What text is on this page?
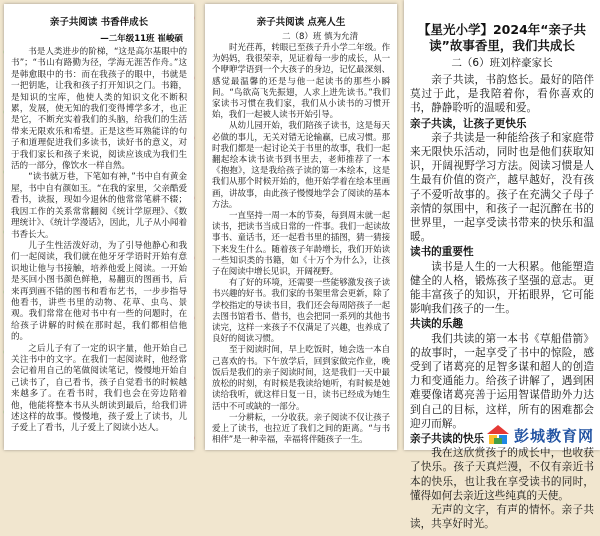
亲子共阅读 书香伴成长
—二年级11班 崔峻硕

书是人类进步的阶梯，“这是高尔基眼中的书”；“书山有路勤为径，学海无涯苦作舟。”这是韩愈眼中的书：而在我孩子的眼中，书就是一把钥匙，让我和孩子打开知识之门。书籍，是知识的宝库，他使人类的知识文化不断积累，发展，使无知的我们变得博学多才，也正是它，不断充实着我们的头脑，给我们的生活带来无限欢乐和希望。正是这些耳熟能详的句子和道理促进我们多读书，读好书的意义，对于我们家长和孩子来说，阅读应该成为我们生活的一部分，像饮水一样自然。

“读书就万巷，下笔如有神，”书中自有黄金屋，书中自有颜如玉。“在我的家里，父亲酷爱看书，读报，现如今退休的他常常笔耕不辍；我因工作的关系常常翻阅《统计学原理》、《数理统计》、《统计学漫话》，因此，儿子从小闻着书香长大。

儿子生性活泼好动，为了引导他静心和我们一起阅读，我们就在他牙牙学语时开始有意识地让他与书接触，培养他爱上阅读。一开始是买回小图书颜色鲜艳，易翻页的图画书，后来再到画不错的图书和看布艺书，一步步指导他看书，讲些书里的动物、花草、虫鸟、景观。我们常常在他对书中有一些的问题时，在给孩子讲解的时候在那时起，我们都相信他的。

之后儿子有了一定的识字量，他开始自己关注书中的文字。在我们一起阅读时，他经常会记着用自己的笔做阅读笔记，慢慢地开始自己读书了，自己看书，孩子自觉看书的时候越来越多了。在看书时，我们也会在旁边陪着他，他能将整本书从头朗读到最后，给我们讲述这样的故事。慢慢地，孩子爱上了读书，儿子爱上了看书，儿子爱上了阅读小达人。

亲子共阅读 点亮人生
二（8）班 慎为允清

时光荏苒，转眼已至孩子升小学二年级。作为妈妈，我很荣幸，见证着每一步的成长，从一个咿咿学语到一个大孩子的身边，记忆最深刻、感觉最温馨的还是与他一起读书的那些小瞬间。“鸟欲高飞先振翅，人求上进先读书。”我们家读书习惯在我们家，我们从小读书的习惯开始，我们一起被人读书开始引导。

从幼儿园开始，我们陪孩子读书，这是每天必做的事儿，无关对错无论输赢，已成习惯。那时我们都是一起讨论关于书里的故事，我们一起翻起绘本读书读书到书里去，老师推荐了一本《抱抱》，这是我给孩子读的第一本绘本，这是我们从那个时候开始的，他开始学着在绘本里画画，讲故事，由此孩子慢慢地学会了阅读的基本方法。

一直坚持一周一本的节奏，每到周末就一起读书，把读书当成日常的一件事。我们一起读故事书、童话书，还一起看书里的插图，猜一猜接下来发生什么。随着孩子年龄增长，我们开始读一些知识类的书籍，如《十万个为什么》，让孩子在阅读中增长见识，开阔视野。

有了好的环境，还需要一些能够激发孩子读书兴趣的好书。我们家的书架里常会更新，除了学校指定的导读书目，我们还会每周陪孩子一起去图书馆看书、借书，也会把同一系列的其他书读完，这样一来孩子不仅满足了兴趣，也养成了良好的阅读习惯。

至于阅读时间，早上吃饭时，她会选一本自己喜欢的书。下午放学后，回到家做完作业，晚饭后是我们的亲子阅读时间，这是我们一天中最放松的时刻，有时候是我读给她听，有时候是她读给我听，就这样日复一日，读书已经成为她生活中不可或缺的一部分。

一分耕耘，一分收获。亲子阅读不仅让孩子爱上了读书，也拉近了我们之间的距离。“与书相伴”是一种幸福，幸福将伴随孩子一生。

【星光小学】2024年“亲子共读”故事香里，我们共成长
二（6）班刘梓豪家长

亲子共读，书韵悠长。最好的陪伴莫过于此，是我陪着你，看你喜欢的书，静静聆听的温暖和爱。

亲子共读，让孩子更快乐

亲子共读是一种能给孩子和家庭带来无限快乐活动，同时也是他们获取知识，开阔视野学习方法。阅读习惯是人生最有价值的资产，越早越好，没有孩子不爱听故事的。孩子在充满父子母子亲情的氛围中，和孩子一起沉醉在书的世界里，一起享受读书带来的快乐和温暖。

读书的重要性

读书是人生的一大积累。他能塑造健全的人格，锻炼孩子坚强的意志。更能丰富孩子的知识，开拓眼界，它可能影响我们孩子的一生。

共读的乐趣

我们共读的第一本书《草船借箭》的故事时，一起享受了书中的惊险，感受到了诸葛亮的足智多谋和超人的创造力和变通能力。给孩子讲解了，遇到困难要像诸葛亮善于运用智谋借助外力达到自己的目标，这样，所有的困难都会迎刃而解。

亲子共读的快乐

我在这欣赏孩子的成长中，也收获了快乐。孩子天真烂漫，不仅有亲近书本的快乐，也让我在享受读书的同时，懂得如何去亲近这些纯真的天使。

无声的文字，有声的情怀。亲子共读，共享好时光。

彭城教育网
